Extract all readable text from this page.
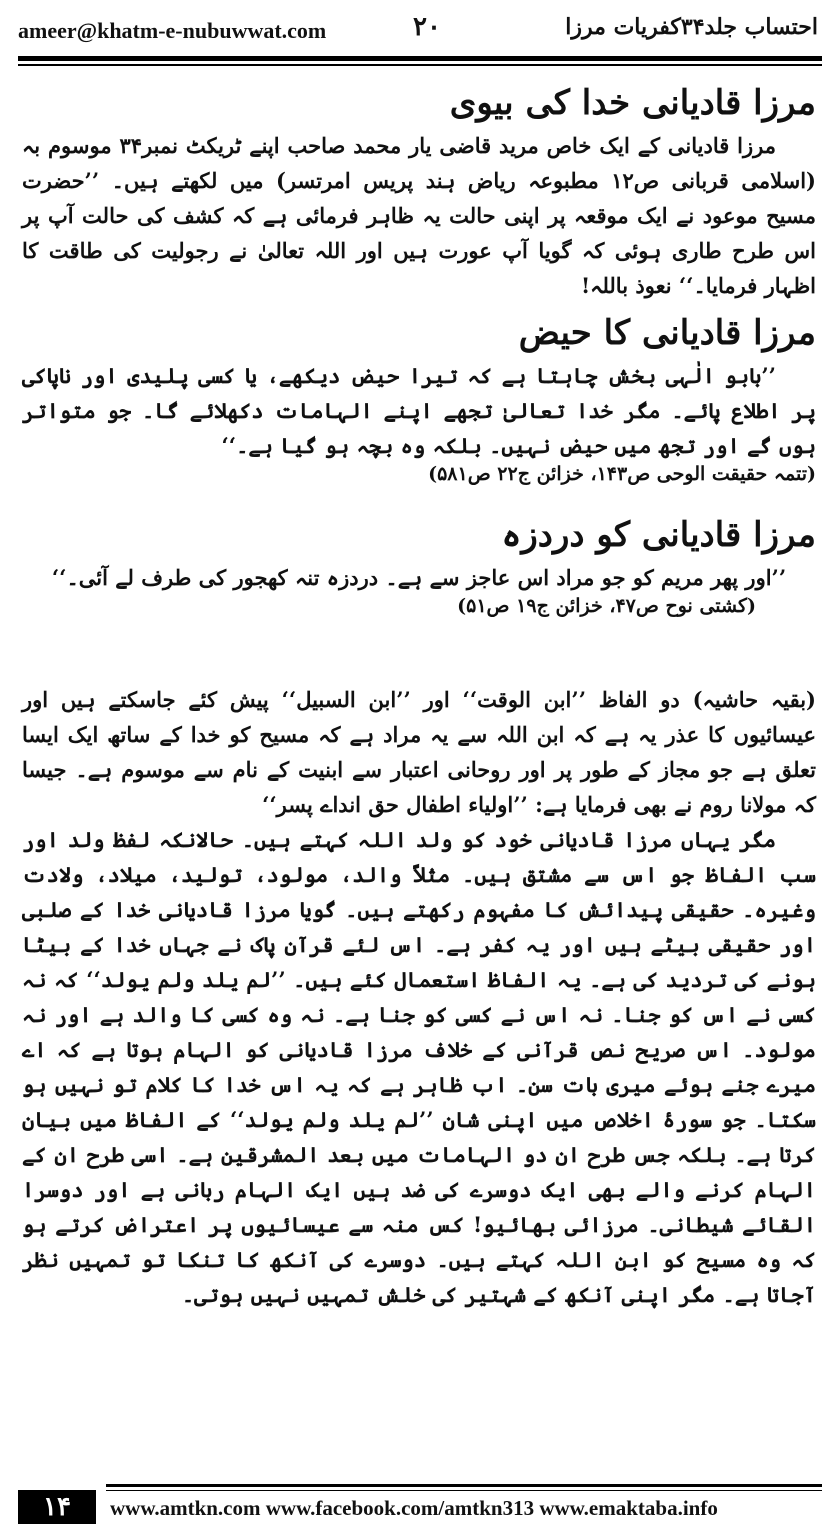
ameer@khatm-e-nubuwwat.com	۲۰	احتساب جلد۳۴کفریات مرزا
مرزا قادیانی خدا کی بیوی
مرزا قادیانی کے ایک خاص مرید قاضی یار محمد صاحب اپنے ٹریکٹ نمبر۳۴ موسوم بہ (اسلامی قربانی ص۱۲ مطبوعہ ریاض ہند پریس امرتسر) میں لکھتے ہیں۔ ’’حضرت مسیح موعود نے ایک موقعہ پر اپنی حالت یہ ظاہر فرمائی ہے کہ کشف کی حالت آپ پر اس طرح طاری ہوئی کہ گویا آپ عورت ہیں اور اللہ تعالیٰ نے رجولیت کی طاقت کا اظہار فرمایا۔‘‘ نعوذ باللہ!
مرزا قادیانی کا حیض
’’بابو الٰہی بخش چاہتا ہے کہ تیرا حیض دیکھے، یا کسی پلیدی اور ناپاکی پر اطلاع پائے۔ مگر خدا تعالیٰ تجھے اپنے الہامات دکھلائے گا۔ جو متواتر ہوں گے اور تجھ میں حیض نہیں۔ بلکہ وہ بچہ ہو گیا ہے۔‘‘
(تتمہ حقیقت الوحی ص۱۴۳، خزائن ج۲۲ ص۵۸۱)
مرزا قادیانی کو دردزہ
’’اور پھر مریم کو جو مراد اس عاجز سے ہے۔ دردزہ تنہ کھجور کی طرف لے آئی۔‘‘
(کشتی نوح ص۴۷، خزائن ج۱۹ ص۵۱)
(بقیہ حاشیہ) دو الفاظ ’’ابن الوقت‘‘ اور ’’ابن السبیل‘‘ پیش کئے جاسکتے ہیں اور عیسائیوں کا عذر یہ ہے کہ ابن اللہ سے یہ مراد ہے کہ مسیح کو خدا کے ساتھ ایک ایسا تعلق ہے جو مجاز کے طور پر اور روحانی اعتبار سے ابنیت کے نام سے موسوم ہے۔ جیسا کہ مولانا روم نے بھی فرمایا ہے: ’’اولیاء اطفال حق انداے پسر‘‘
مگر یہاں مرزا قادیانی خود کو ولد اللہ کہتے ہیں۔ حالانکہ لفظ ولد اور سب الفاظ جو اس سے مشتق ہیں۔ مثلاً والد، مولود، تولید، میلاد، ولادت وغیرہ۔ حقیقی پیدائش کا مفہوم رکھتے ہیں۔ گویا مرزا قادیانی خدا کے صلبی اور حقیقی بیٹے ہیں اور یہ کفر ہے۔ اس لئے قرآن پاک نے جہاں خدا کے بیٹا ہونے کی تردید کی ہے۔ یہ الفاظ استعمال کئے ہیں۔ ’’لم یلد ولم یولد‘‘ کہ نہ کسی نے اس کو جنا۔ نہ اس نے کسی کو جنا ہے۔ نہ وہ کسی کا والد ہے اور نہ مولود۔ اس صریح نص قرآنی کے خلاف مرزا قادیانی کو الہام ہوتا ہے کہ اے میرے جنے ہوئے میری بات سن۔ اب ظاہر ہے کہ یہ اس خدا کا کلام تو نہیں ہو سکتا۔ جو سورۂ اخلاص میں اپنی شان ’’لم یلد ولم یولد‘‘ کے الفاظ میں بیان کرتا ہے۔ بلکہ جس طرح ان دو الہامات میں بعد المشرقین ہے۔ اسی طرح ان کے الہام کرنے والے بھی ایک دوسرے کی ضد ہیں ایک الہام ربانی ہے اور دوسرا القائے شیطانی۔ مرزائی بھائیو! کس منہ سے عیسائیوں پر اعتراض کرتے ہو کہ وہ مسیح کو ابن اللہ کہتے ہیں۔ دوسرے کی آنکھ کا تنکا تو تمہیں نظر آجاتا ہے۔ مگر اپنی آنکھ کے شہتیر کی خلش تمہیں نہیں ہوتی۔
۱۴	www.amtkn.com www.facebook.com/amtkn313 www.emaktaba.info
